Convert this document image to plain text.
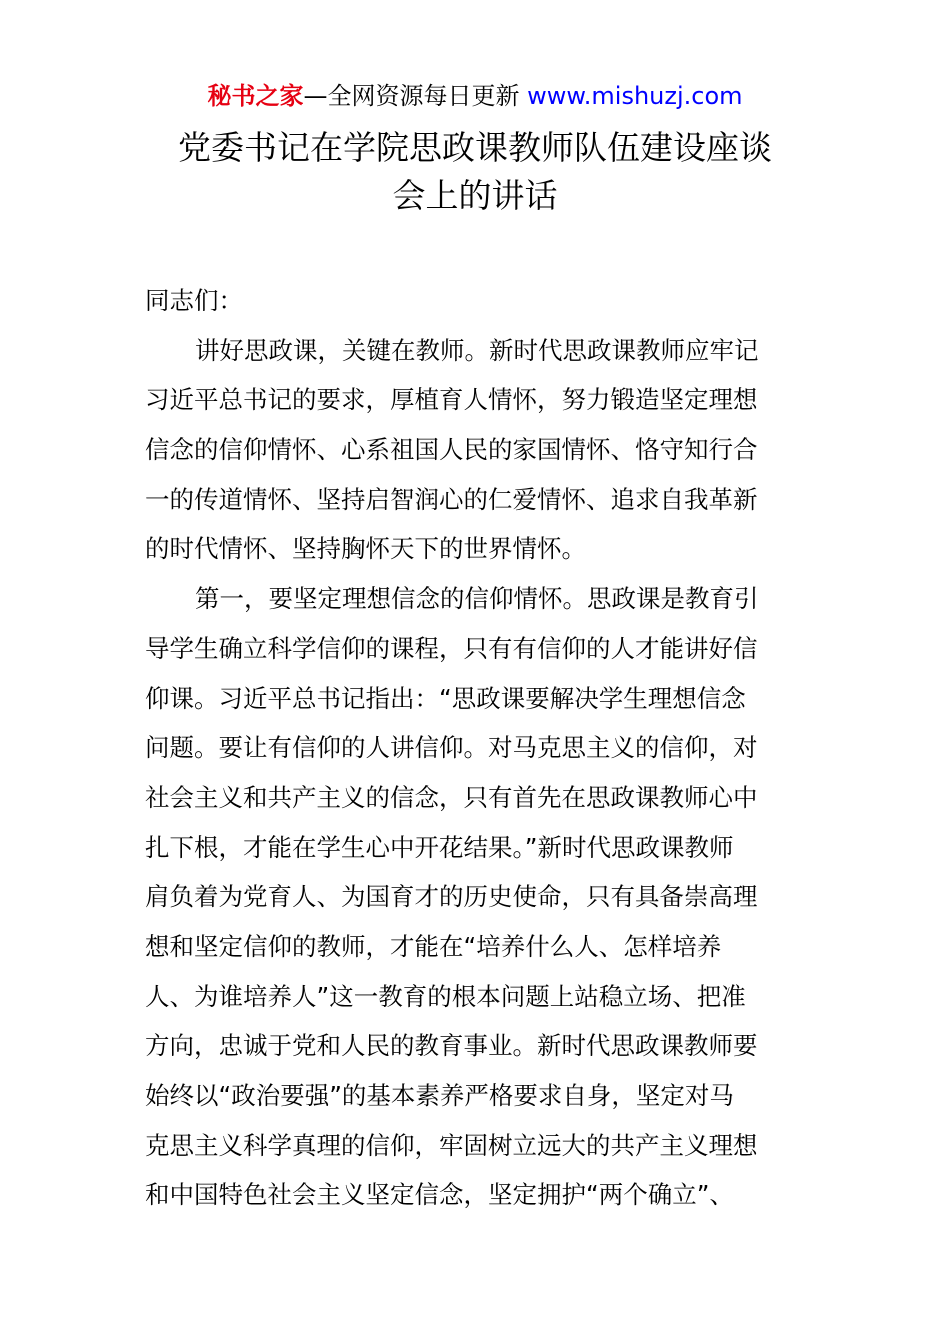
秘书之家—全网资源每日更新 www.mishuzj.com
党委书记在学院思政课教师队伍建设座谈
会上的讲话
同志们：
讲好思政课，关键在教师。新时代思政课教师应牢记
习近平总书记的要求，厚植育人情怀，努力锻造坚定理想
信念的信仰情怀、心系祖国人民的家国情怀、恪守知行合
一的传道情怀、坚持启智润心的仁爱情怀、追求自我革新
的时代情怀、坚持胸怀天下的世界情怀。
第一，要坚定理想信念的信仰情怀。思政课是教育引
导学生确立科学信仰的课程，只有有信仰的人才能讲好信
仰课。习近平总书记指出：“思政课要解决学生理想信念
问题。要让有信仰的人讲信仰。对马克思主义的信仰，对
社会主义和共产主义的信念，只有首先在思政课教师心中
扎下根，才能在学生心中开花结果。”新时代思政课教师
肩负着为党育人、为国育才的历史使命，只有具备崇高理
想和坚定信仰的教师，才能在“培养什么人、怎样培养
人、为谁培养人”这一教育的根本问题上站稳立场、把准
方向，忠诚于党和人民的教育事业。新时代思政课教师要
始终以“政治要强”的基本素养严格要求自身，坚定对马
克思主义科学真理的信仰，牢固树立远大的共产主义理想
和中国特色社会主义坚定信念，坚定拥护“两个确立”、
